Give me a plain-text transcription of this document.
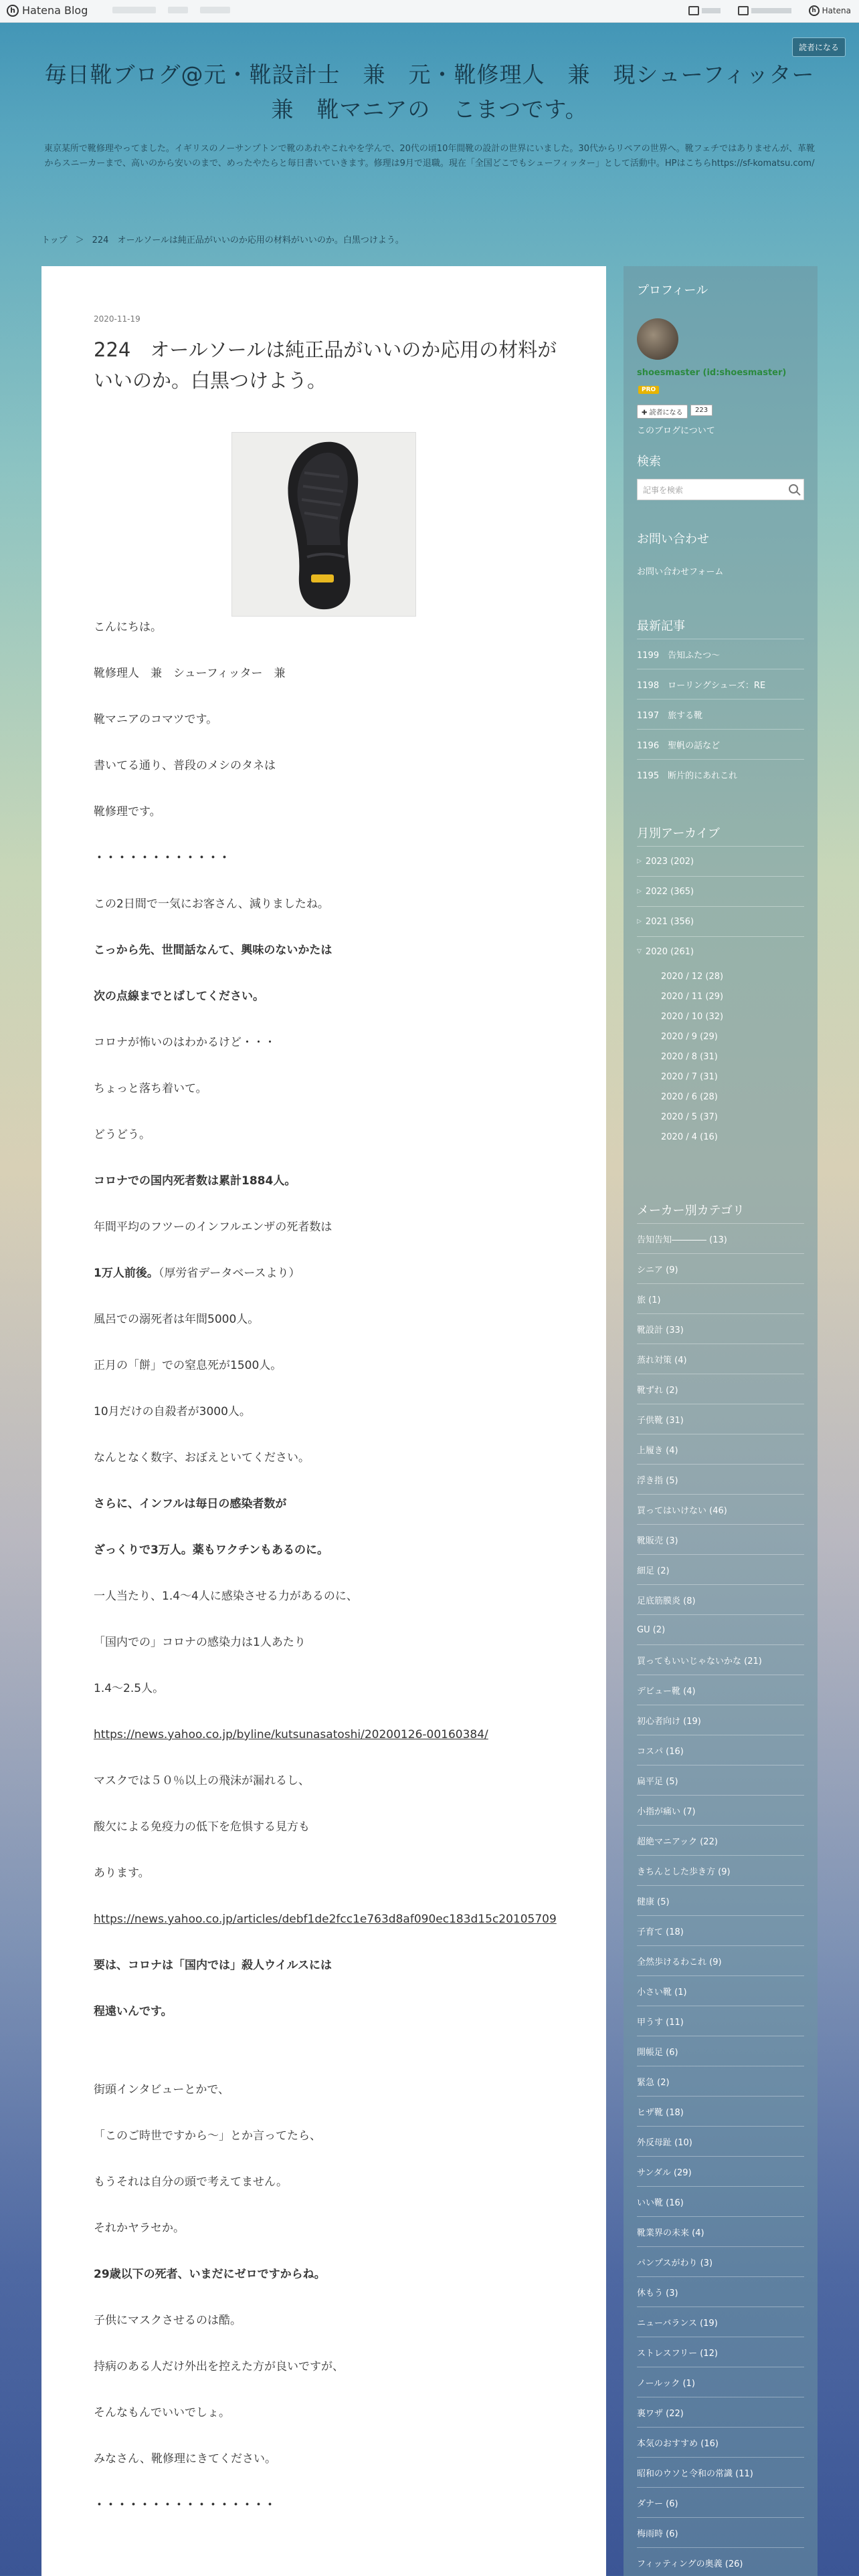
h Hatena Blog	xxxxxxxxxxx xxxxx xxxxxx...	h Hatena
読者になる
毎日靴ブログ@元・靴設計士　兼　元・靴修理人　兼　現シューフィッター　兼　靴マニアの　こまつです。
東京某所で靴修理やってました。イギリスのノーサンプトンで靴のあれやこれやを学んで、20代の頃10年間靴の設計の世界にいました。30代からリペアの世界へ。靴フェチではありませんが、革靴からスニーカーまで、高いのから安いのまで、めったやたらと毎日書いていきます。修理は9月で退職。現在「全国どこでもシューフィッター」として活動中。HPはこちらhttps://sf-komatsu.com/
トップ ＞ 224　オールソールは純正品がいいのか応用の材料がいいのか。白黒つけよう。
2020-11-19
224　オールソールは純正品がいいのか応用の材料がいいのか。白黒つけよう。

こんにちは。

靴修理人　兼　シューフィッター　兼

靴マニアのコマツです。

書いてる通り、普段のメシのタネは

靴修理です。

・・・・・・・・・・・・

この2日間で一気にお客さん、減りましたね。

こっから先、世間話なんて、興味のないかたは

次の点線までとばしてください。

コロナが怖いのはわかるけど・・・

ちょっと落ち着いて。

どうどう。

コロナでの国内死者数は累計1884人。

年間平均のフツーのインフルエンザの死者数は

1万人前後。（厚労省データベースより）

風呂での溺死者は年間5000人。

正月の「餅」での窒息死が1500人。

10月だけの自殺者が3000人。

なんとなく数字、おぼえといてください。

さらに、インフルは毎日の感染者数が

ざっくりで3万人。薬もワクチンもあるのに。

一人当たり、1.4〜4人に感染させる力があるのに、

「国内での」コロナの感染力は1人あたり

1.4〜2.5人。

https://news.yahoo.co.jp/byline/kutsunasatoshi/20200126-00160384/

マスクでは５０％以上の飛沫が漏れるし、

酸欠による免疫力の低下を危惧する見方も

あります。

https://news.yahoo.co.jp/articles/debf1de2fcc1e763d8af090ec183d15c20105709

要は、コロナは「国内では」殺人ウイルスには

程遠いんです。

街頭インタビューとかで、

「このご時世ですから〜」とか言ってたら、

もうそれは自分の頭で考えてません。

それかヤラセか。

29歳以下の死者、いまだにゼロですからね。

子供にマスクさせるのは酷。

持病のある人だけ外出を控えた方が良いですが、

そんなもんでいいでしょ。

みなさん、靴修理にきてください。

・・・・・・・・・・・・・・・・

プロフィール
shoesmaster (id:shoesmaster)
PRO
✚ 読者になる	223
このブログについて
検索
記事を検索
お問い合わせ
お問い合わせフォーム
最新記事
1199　告知ふたつ〜
1198　ローリングシューズ：RE
1197　旅する靴
1196　聖帆の話など
1195　断片的にあれこれ
月別アーカイブ
▷ 2023 (202)
▷ 2022 (365)
▷ 2021 (356)
▽ 2020 (261)
2020 / 12 (28)
2020 / 11 (29)
2020 / 10 (32)
2020 / 9 (29)
2020 / 8 (31)
2020 / 7 (31)
2020 / 6 (28)
2020 / 5 (37)
2020 / 4 (16)
メーカー別カテゴリ
告知告知―――― (13)
シニア (9)
旅 (1)
靴設計 (33)
蒸れ対策 (4)
靴ずれ (2)
子供靴 (31)
上履き (4)
浮き指 (5)
買ってはいけない (46)
靴販売 (3)
細足 (2)
足底筋膜炎 (8)
GU (2)
買ってもいいじゃないかな (21)
デビュー靴 (4)
初心者向け (19)
コスパ (16)
扁平足 (5)
小指が痛い (7)
超絶マニアック (22)
きちんとした歩き方 (9)
健康 (5)
子育て (18)
全然歩けるわこれ (9)
小さい靴 (1)
甲うす (11)
開帳足 (6)
緊急 (2)
ヒザ靴 (18)
外反母趾 (10)
サンダル (29)
いい靴 (16)
靴業界の未来 (4)
パンプスがわり (3)
休もう (3)
ニューバランス (19)
ストレスフリー (12)
ノールック (1)
裏ワザ (22)
本気のおすすめ (16)
昭和のウソと令和の常識 (11)
ダナー (6)
梅雨時 (6)
フィッティングの奥義 (26)
